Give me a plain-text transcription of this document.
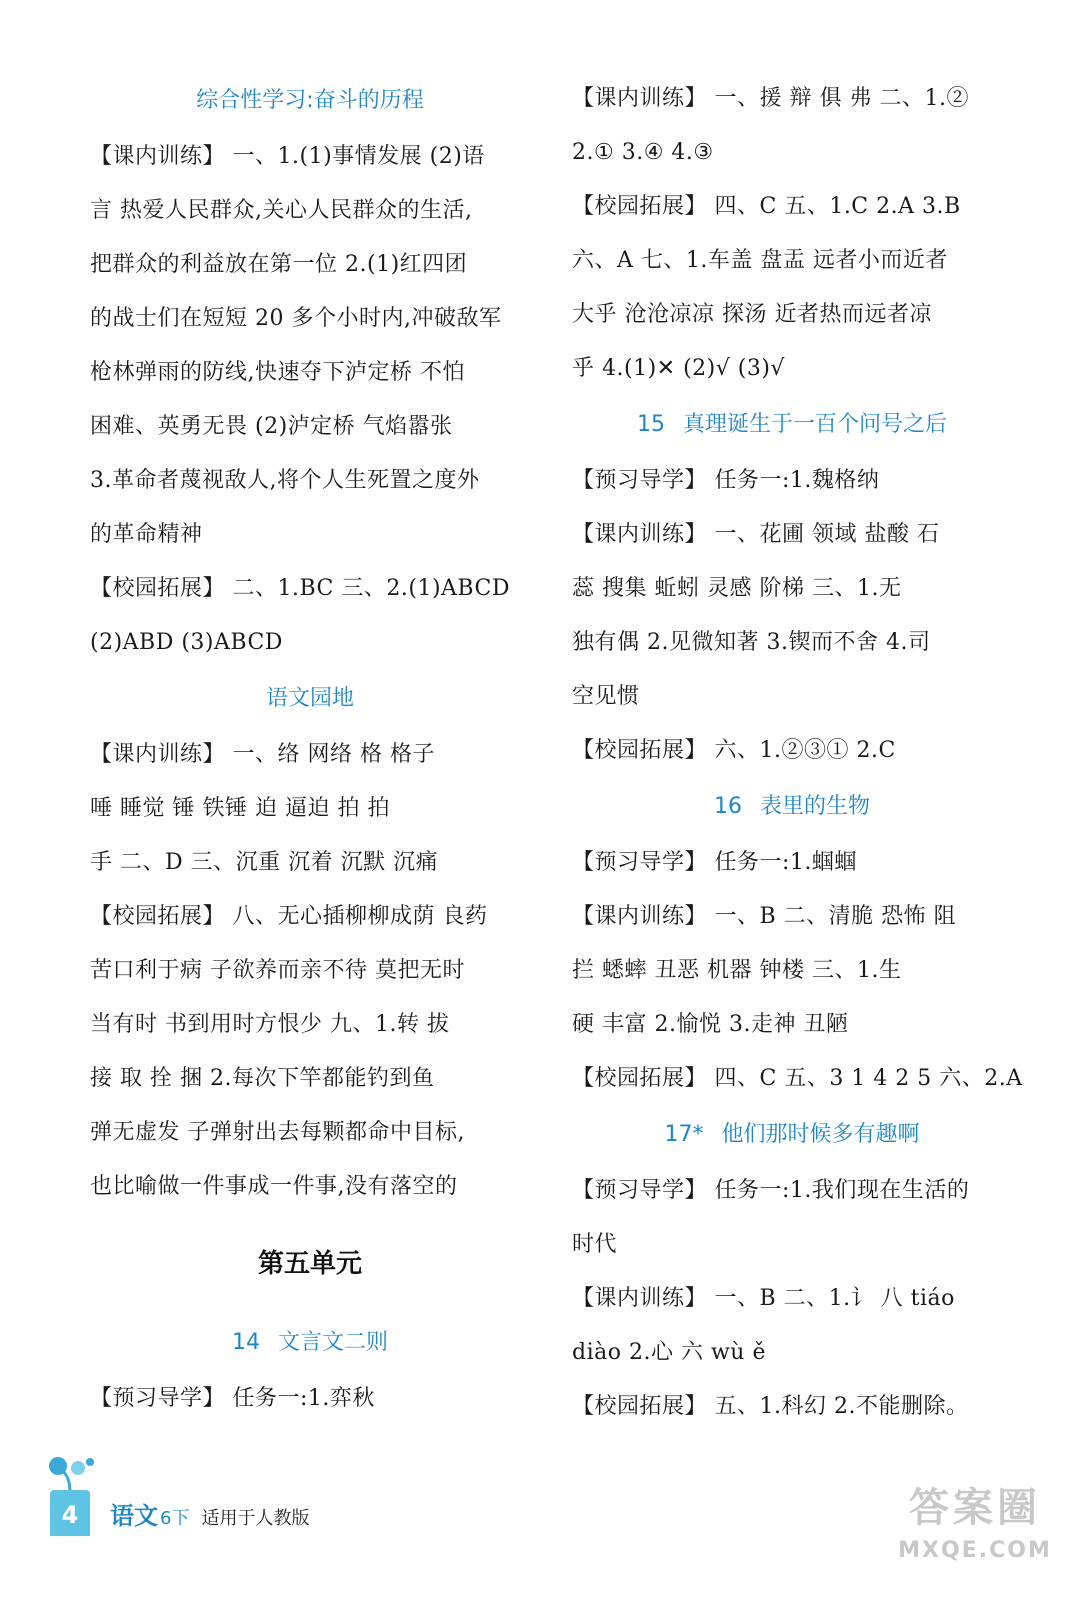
综合性学习:奋斗的历程
【课内训练】 一、1.(1)事情发展 (2)语
言 热爱人民群众,关心人民群众的生活,
把群众的利益放在第一位 2.(1)红四团
的战士们在短短 20 多个小时内,冲破敌军
枪林弹雨的防线,快速夺下泸定桥 不怕
困难、英勇无畏 (2)泸定桥 气焰嚣张
3.革命者蔑视敌人,将个人生死置之度外
的革命精神
【校园拓展】 二、1.BC 三、2.(1)ABCD
(2)ABD (3)ABCD
语文园地
【课内训练】 一、络 网络 格 格子
唾 睡觉 锤 铁锤 迫 逼迫 拍 拍
手 二、D 三、沉重 沉着 沉默 沉痛
【校园拓展】 八、无心插柳柳成荫 良药
苦口利于病 子欲养而亲不待 莫把无时
当有时 书到用时方恨少 九、1.转 拔
接 取 拴 捆 2.每次下竿都能钓到鱼
弹无虚发 子弹射出去每颗都命中目标,
也比喻做一件事成一件事,没有落空的
第五单元
14 文言文二则
【预习导学】 任务一:1.弈秋
【课内训练】 一、援 辩 俱 弗 二、1.②
2.① 3.④ 4.③
【校园拓展】 四、C 五、1.C 2.A 3.B
六、A 七、1.车盖 盘盂 远者小而近者
大乎 沧沧凉凉 探汤 近者热而远者凉
乎 4.(1)✕ (2)√ (3)√
15 真理诞生于一百个问号之后
【预习导学】 任务一:1.魏格纳
【课内训练】 一、花圃 领域 盐酸 石
蕊 搜集 蚯蚓 灵感 阶梯 三、1.无
独有偶 2.见微知著 3.锲而不舍 4.司
空见惯
【校园拓展】 六、1.②③① 2.C
16 表里的生物
【预习导学】 任务一:1.蝈蝈
【课内训练】 一、B 二、清脆 恐怖 阻
拦 蟋蟀 丑恶 机器 钟楼 三、1.生
硬 丰富 2.愉悦 3.走神 丑陋
【校园拓展】 四、C 五、3 1 4 2 5 六、2.A
17* 他们那时候多有趣啊
【预习导学】 任务一:1.我们现在生活的
时代
【课内训练】 一、B 二、1.讠 八 tiáo
diào 2.心 六 wù ě
【校园拓展】 五、1.科幻 2.不能删除。
4	语文 6下 适用于人教版	答案圈
MXQE.COM
